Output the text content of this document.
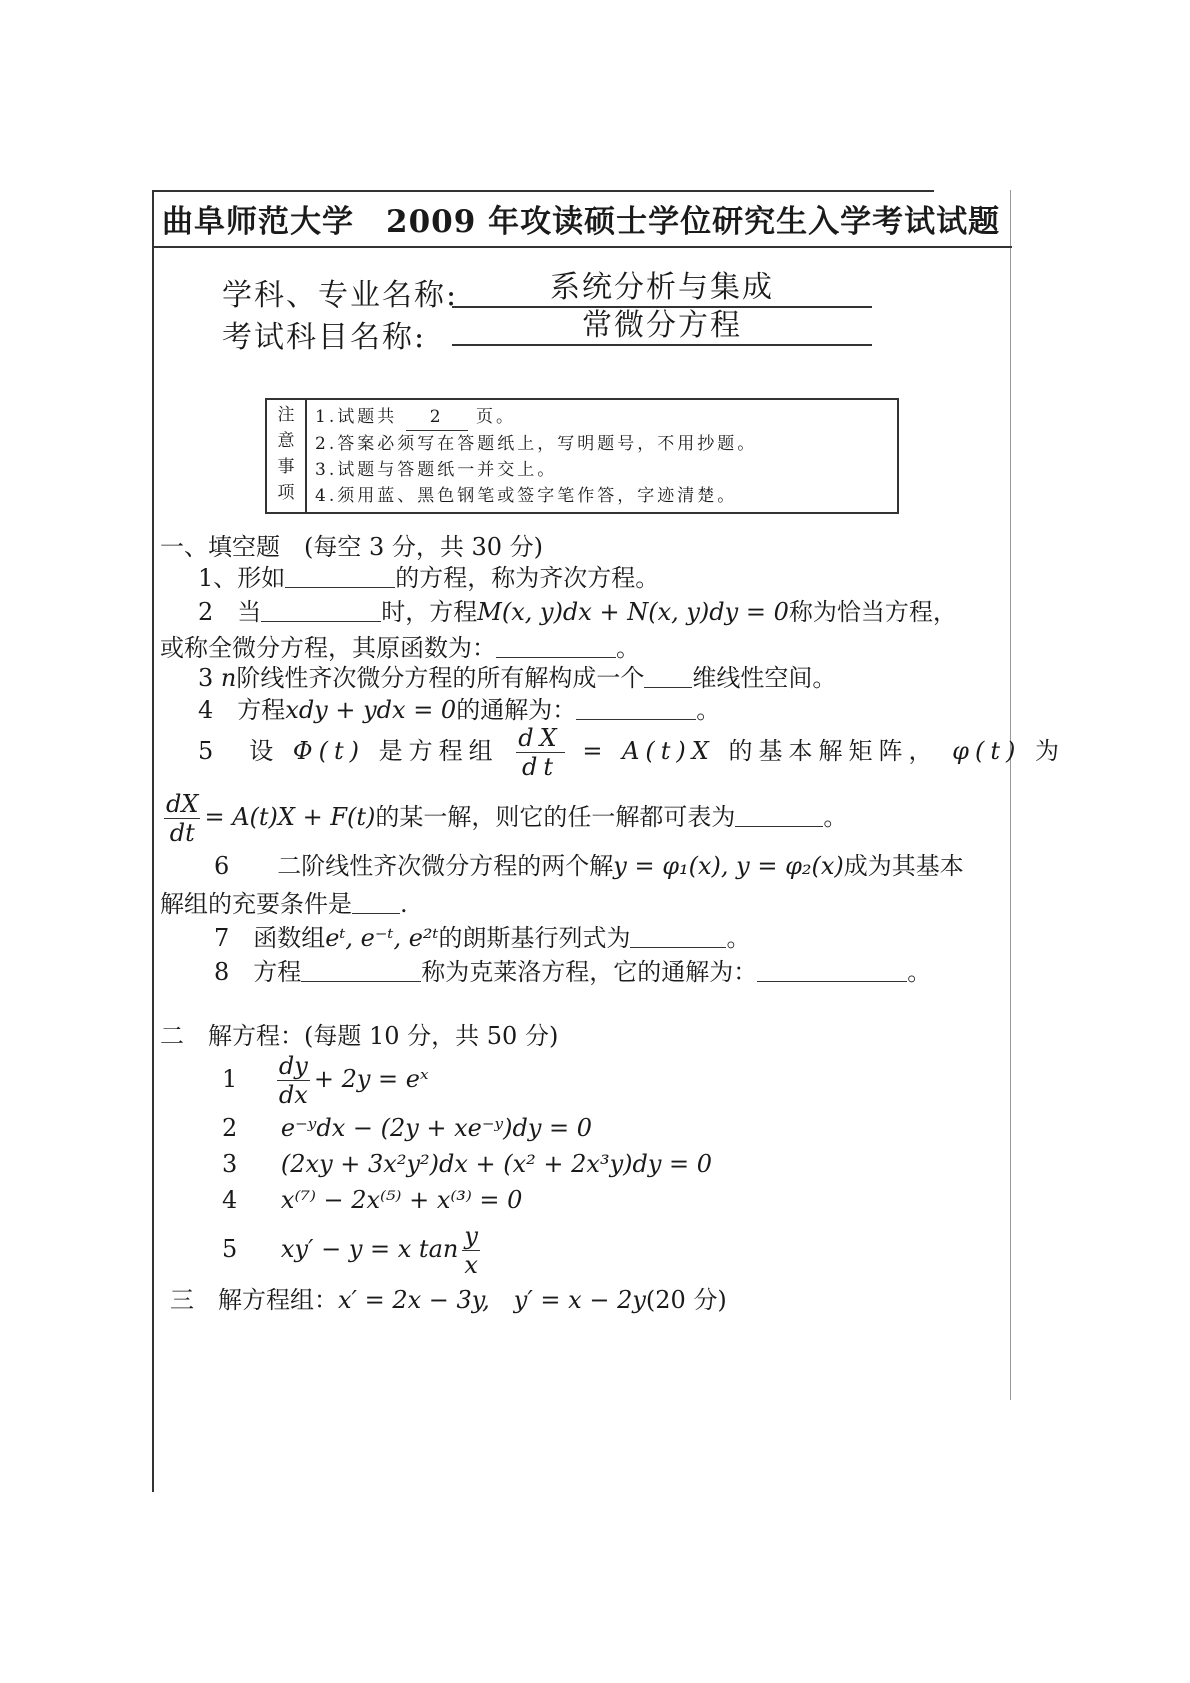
曲阜师范大学　2009 年攻读硕士学位研究生入学考试试题
学科、专业名称:	系统分析与集成
考试科目名称:	常微分方程
注
意
事
项
1.试题共 2 页。
2.答案必须写在答题纸上，写明题号，不用抄题。
3.试题与答题纸一并交上。
4.须用蓝、黑色钢笔或签字笔作答，字迹清楚。
一、填空题　(每空 3 分，共 30 分)
1、形如	的方程，称为齐次方程。
2　当	时，方程M(x, y)dx + N(x, y)dy = 0称为恰当方程，
或称全微分方程，其原函数为：	。
3 n阶线性齐次微分方程的所有解构成一个 维线性空间。
4　方程xdy + ydx = 0的通解为：	。
5　设 Φ(t) 是方程组 $\frac{dX}{dt} = A(t)X$ 的基本解矩阵， φ(t) 为
$\frac{dX}{dt} = A(t)X + F(t)$的某一解，则它的任一解都可表为	。
6　　二阶线性齐次微分方程的两个解y = φ₁(x), y = φ₂(x)成为其基本
解组的充要条件是 .
7　函数组eᵗ, e⁻ᵗ, e²ᵗ的朗斯基行列式为	。
8　方程	称为克莱洛方程，它的通解为：	。
二　解方程：(每题 10 分，共 50 分)
$1 \frac{dy}{dx} + 2y$ = eˣ
2 e⁻ʸdx − (2y + xe⁻ʸ)dy = 0
3 (2xy + 3x²y²)dx + (x² + 2x³y)dy = 0
4 x⁽⁷⁾ − 2x⁽⁵⁾ + x⁽³⁾ = 0
5 xy′ − y = x $\tan \frac{y}{x}$
三　解方程组：x′ = 2x − 3y,　y′ = x − 2y(20 分)
